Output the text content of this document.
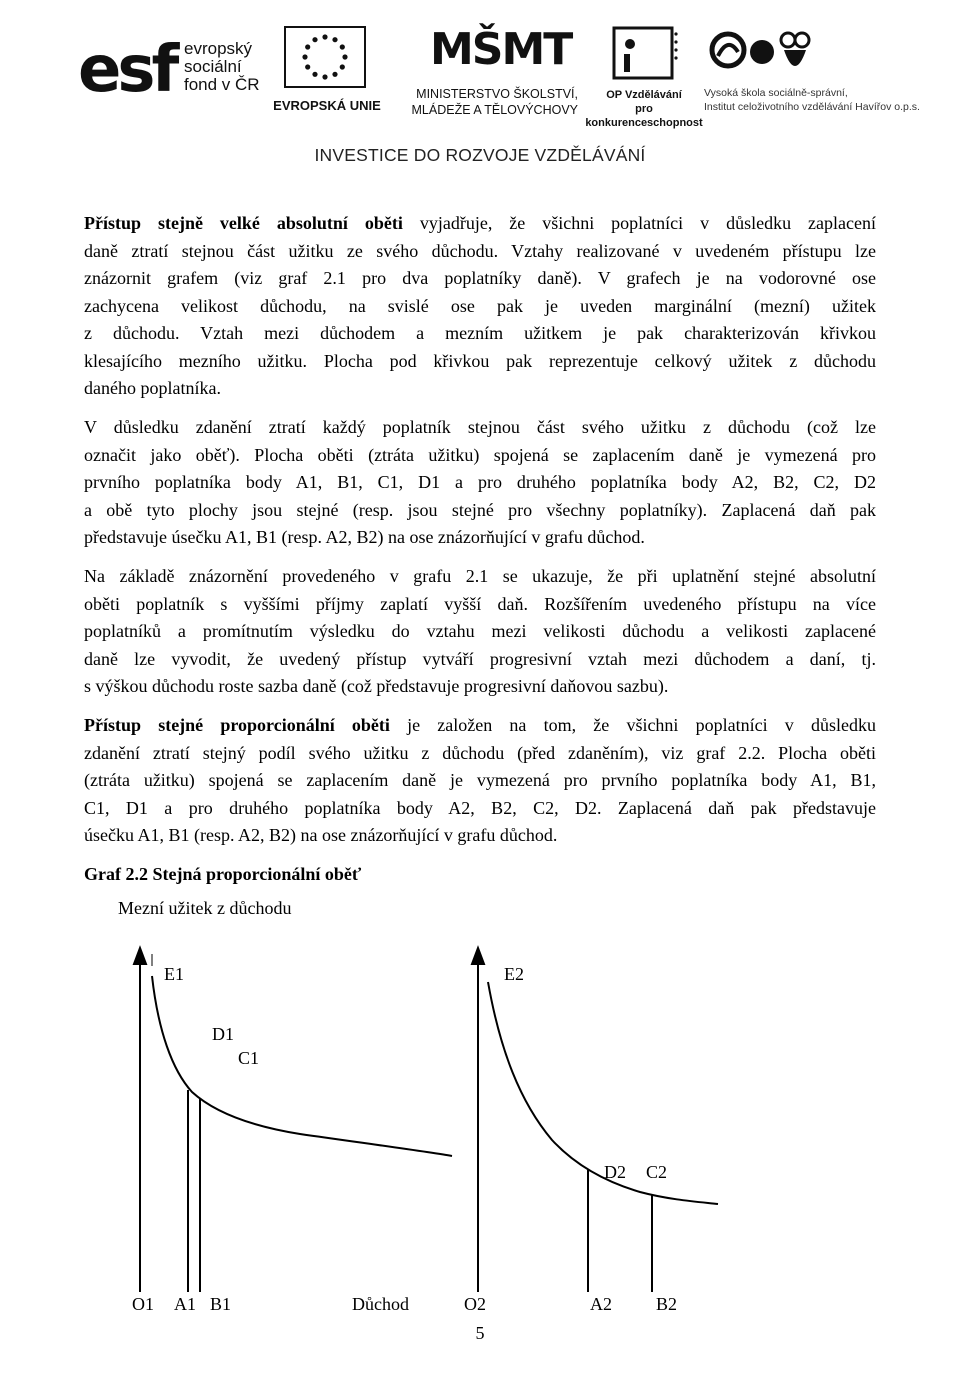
esf evropský
sociální
fond v ČR
EVROPSKÁ UNIE
MŠMT
MINISTERSTVO ŠKOLSTVÍ,
MLÁDEŽE A TĚLOVÝCHOVY
OP Vzdělávání
pro konkurenceschopnost
Vysoká škola sociálně-správní,
Institut celoživotního vzdělávání Havířov o.p.s.
INVESTICE DO ROZVOJE VZDĚLÁVÁNÍ

Přístup stejně velké absolutní oběti vyjadřuje, že všichni poplatníci v důsledku zaplacení
daně ztratí stejnou část užitku ze svého důchodu. Vztahy realizované v uvedeném přístupu lze
znázornit grafem (viz graf 2.1 pro dva poplatníky daně). V grafech je na vodorovné ose
zachycena velikost důchodu, na svislé ose pak je uveden marginální (mezní) užitek
z důchodu. Vztah mezi důchodem a mezním užitkem je pak charakterizován křivkou
klesajícího mezního užitku. Plocha pod křivkou pak reprezentuje celkový užitek z důchodu
daného poplatníka.

V důsledku zdanění ztratí každý poplatník stejnou část svého užitku z důchodu (což lze
označit jako oběť). Plocha oběti (ztráta užitku) spojená se zaplacením daně je vymezená pro
prvního poplatníka body A1, B1, C1, D1 a pro druhého poplatníka body A2, B2, C2, D2
a obě tyto plochy jsou stejné (resp. jsou stejné pro všechny poplatníky). Zaplacená daň pak
představuje úsečku A1, B1 (resp. A2, B2) na ose znázorňující v grafu důchod.

Na základě znázornění provedeného v grafu 2.1 se ukazuje, že při uplatnění stejné absolutní
oběti poplatník s vyššími příjmy zaplatí vyšší daň. Rozšířením uvedeného přístupu na více
poplatníků a promítnutím výsledku do vztahu mezi velikosti důchodu a velikosti zaplacené
daně lze vyvodit, že uvedený přístup vytváří progresivní vztah mezi důchodem a daní, tj.
s výškou důchodu roste sazba daně (což představuje progresivní daňovou sazbu).

Přístup stejné proporcionální oběti je založen na tom, že všichni poplatníci v důsledku
zdanění ztratí stejný podíl svého užitku z důchodu (před zdaněním), viz graf 2.2. Plocha oběti
(ztráta užitku) spojená se zaplacením daně je vymezená pro prvního poplatníka body A1, B1,
C1, D1 a pro druhého poplatníka body A2, B2, C2, D2. Zaplacená daň pak představuje
úsečku A1, B1 (resp. A2, B2) na ose znázorňující v grafu důchod.

Graf 2.2 Stejná proporcionální oběť
Mezní užitek z důchodu
E1	E2
D1
C1
D2 C2
O1 A1 B1	Důchod	O2	A2 B2
5
